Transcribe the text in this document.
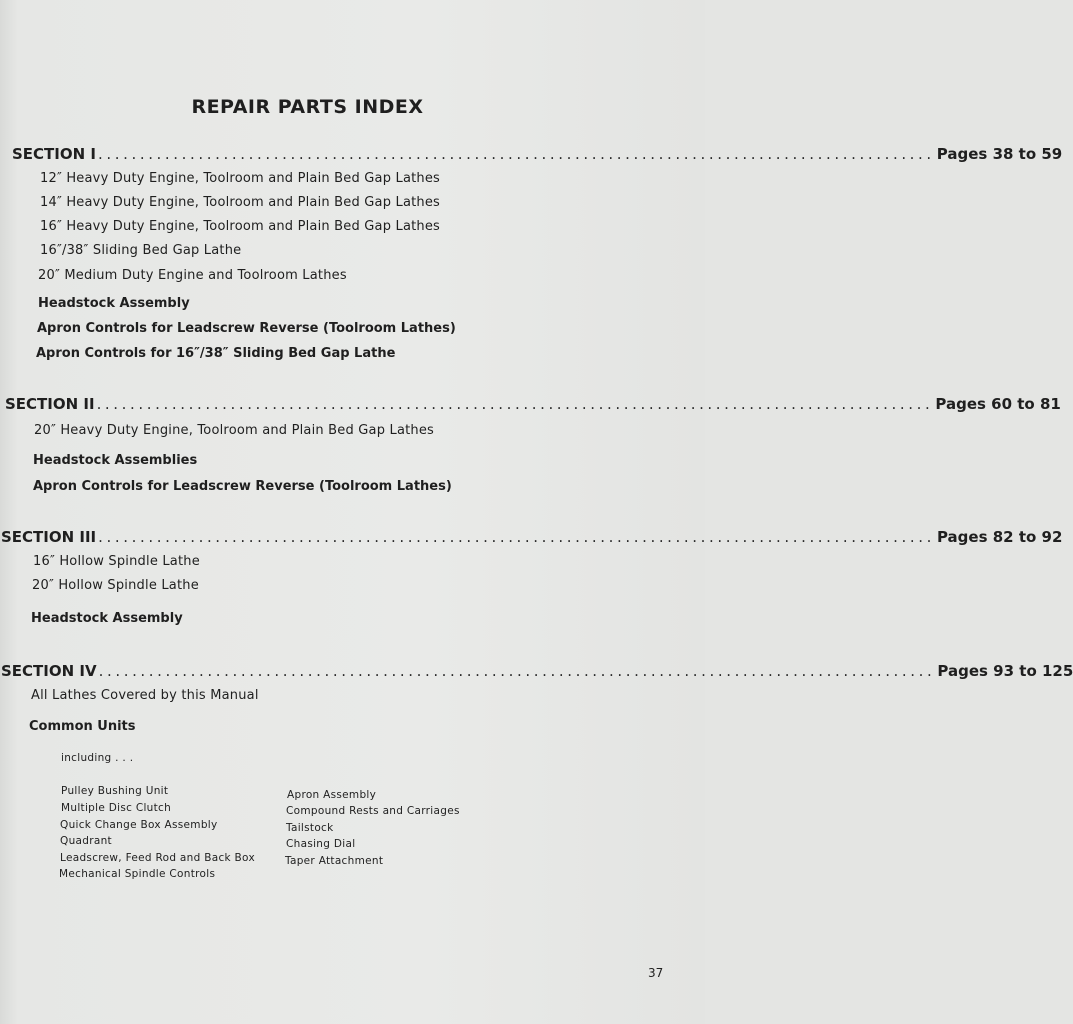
REPAIR PARTS INDEX
SECTION I .................................................................................................... Pages 38 to 59
12″ Heavy Duty Engine, Toolroom and Plain Bed Gap Lathes
14″ Heavy Duty Engine, Toolroom and Plain Bed Gap Lathes
16″ Heavy Duty Engine, Toolroom and Plain Bed Gap Lathes
16″/38″ Sliding Bed Gap Lathe
20″ Medium Duty Engine and Toolroom Lathes
Headstock Assembly
Apron Controls for Leadscrew Reverse (Toolroom Lathes)
Apron Controls for 16″/38″ Sliding Bed Gap Lathe
SECTION II .................................................................................................... Pages 60 to 81
20″ Heavy Duty Engine, Toolroom and Plain Bed Gap Lathes
Headstock Assemblies
Apron Controls for Leadscrew Reverse (Toolroom Lathes)
SECTION III .................................................................................................... Pages 82 to 92
16″ Hollow Spindle Lathe
20″ Hollow Spindle Lathe
Headstock Assembly
SECTION IV .................................................................................................... Pages 93 to 125
All Lathes Covered by this Manual
Common Units
including . . .
Pulley Bushing Unit
Multiple Disc Clutch
Quick Change Box Assembly
Quadrant
Leadscrew, Feed Rod and Back Box
Mechanical Spindle Controls
Apron Assembly
Compound Rests and Carriages
Tailstock
Chasing Dial
Taper Attachment
37
